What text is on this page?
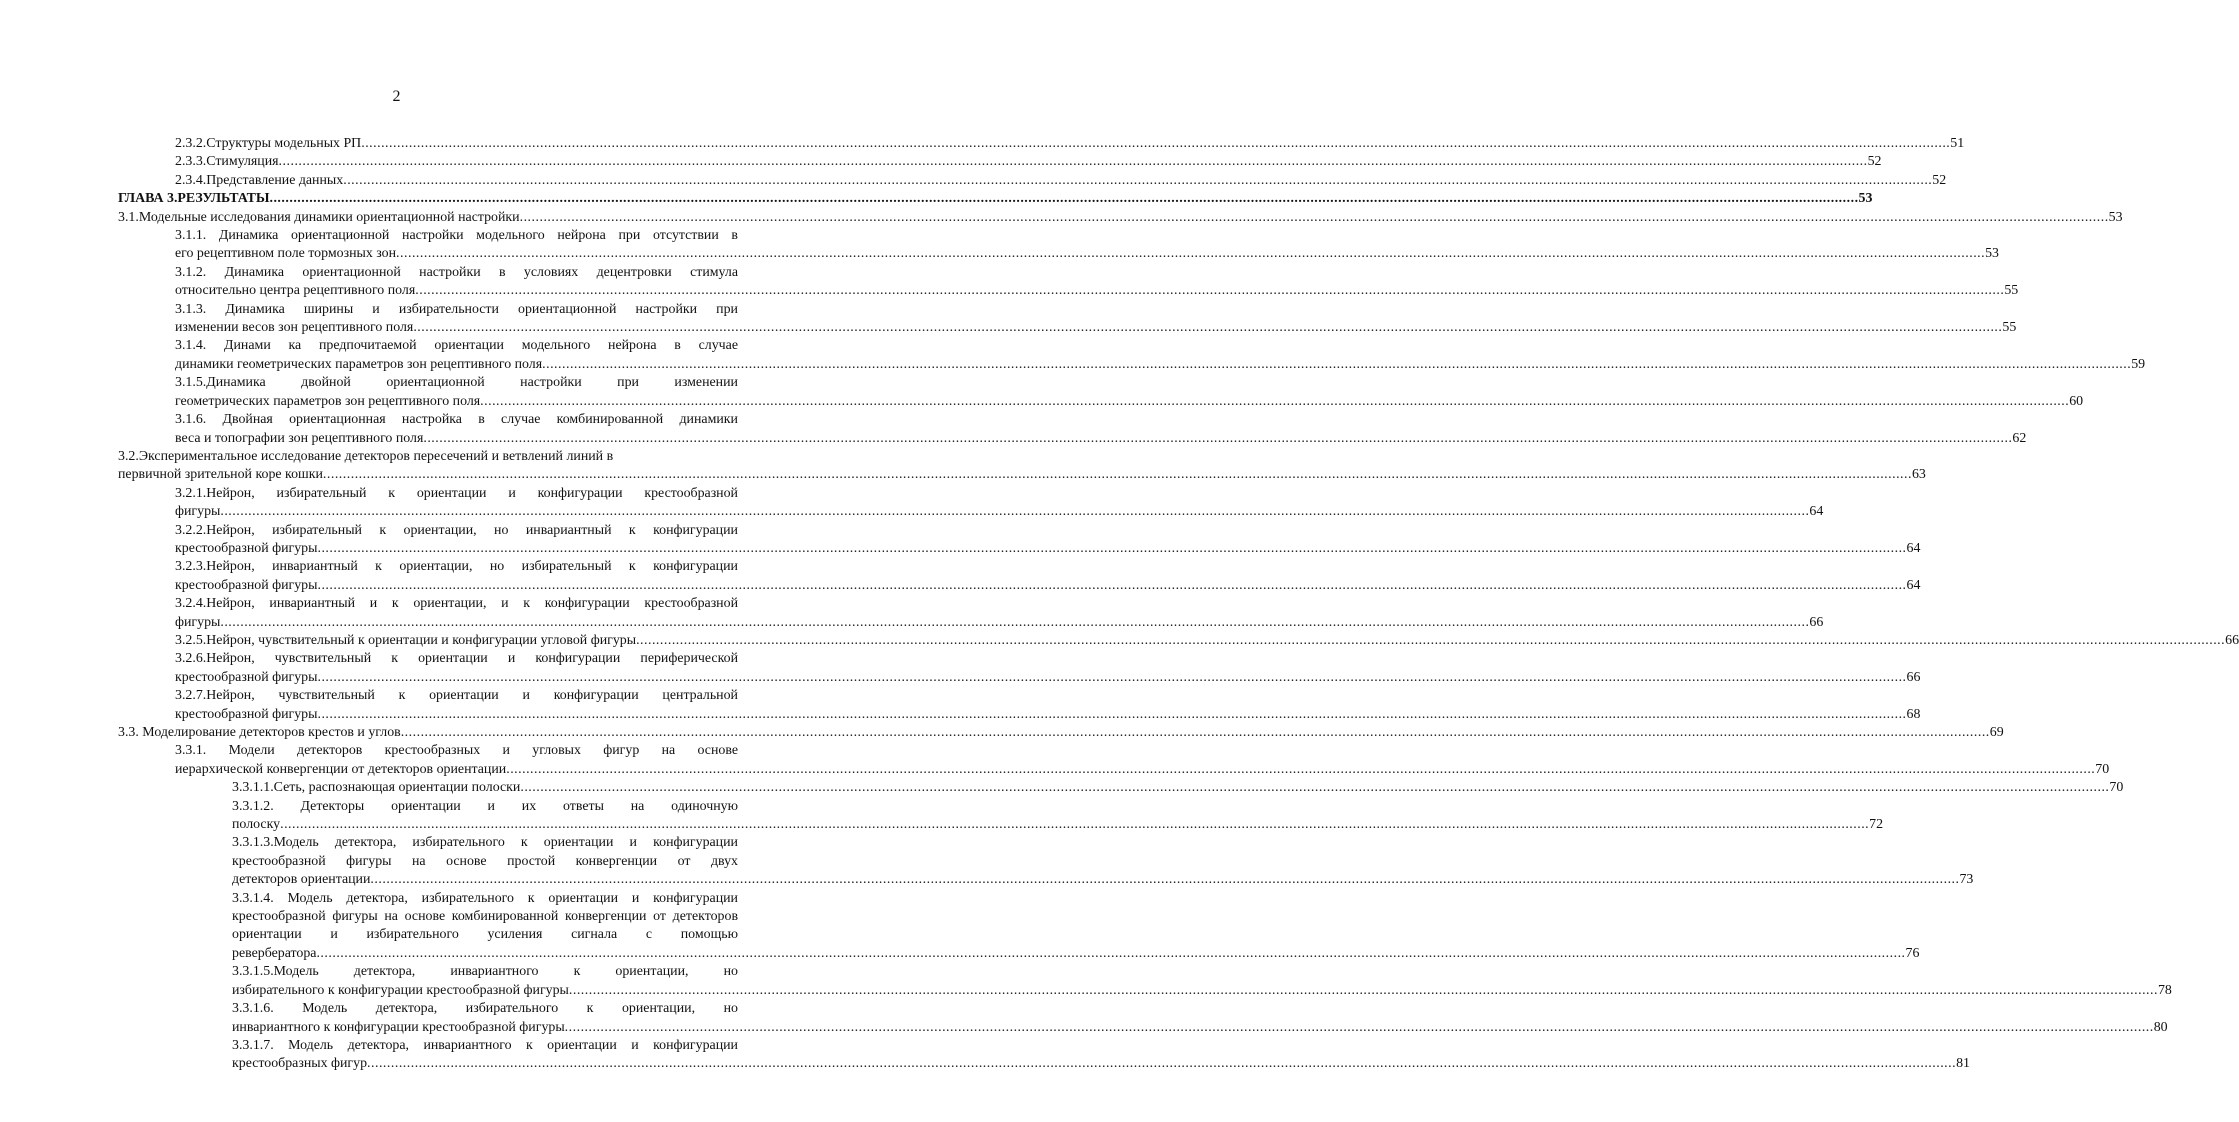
2
2.3.2.Структуры модельных РП ................................................................................................................................................................................................................................................................................................................................................................................................................ 51
2.3.3.Стимуляция ................................................................................................................................................................................................................................................................................................................................................................................................................ 52
2.3.4.Представление данных ................................................................................................................................................................................................................................................................................................................................................................................................................ 52
ГЛАВА 3.РЕЗУЛЬТАТЫ ................................................................................................................................................................................................................................................................................................................................................................................................................ 53
3.1.Модельные исследования динамики ориентационной настройки ................................................................................................................................................................................................................................................................................................................................................................................................................ 53
3.1.1. Динамика ориентационной настройки модельного нейрона при отсутствии в
его рецептивном поле тормозных зон ................................................................................................................................................................................................................................................................................................................................................................................................................ 53
3.1.2. Динамика ориентационной настройки в условиях децентровки стимула
относительно центра рецептивного поля ................................................................................................................................................................................................................................................................................................................................................................................................................ 55
3.1.3. Динамика ширины и избирательности ориентационной настройки при
изменении весов зон рецептивного поля ................................................................................................................................................................................................................................................................................................................................................................................................................ 55
3.1.4. Динами ка предпочитаемой ориентации модельного нейрона в случае
динамики геометрических параметров зон рецептивного поля ................................................................................................................................................................................................................................................................................................................................................................................................................ 59
3.1.5.Динамика двойной ориентационной настройки при изменении
геометрических параметров зон рецептивного поля ................................................................................................................................................................................................................................................................................................................................................................................................................ 60
3.1.6. Двойная ориентационная настройка в случае комбинированной динамики
веса и топографии зон рецептивного поля ................................................................................................................................................................................................................................................................................................................................................................................................................ 62
3.2.Экспериментальное исследование детекторов пересечений и ветвлений линий в
первичной зрительной коре кошки ................................................................................................................................................................................................................................................................................................................................................................................................................ 63
3.2.1.Нейрон, избирательный к ориентации и конфигурации крестообразной
фигуры ................................................................................................................................................................................................................................................................................................................................................................................................................ 64
3.2.2.Нейрон, избирательный к ориентации, но инвариантный к конфигурации
крестообразной фигуры ................................................................................................................................................................................................................................................................................................................................................................................................................ 64
3.2.3.Нейрон, инвариантный к ориентации, но избирательный к конфигурации
крестообразной фигуры ................................................................................................................................................................................................................................................................................................................................................................................................................ 64
3.2.4.Нейрон, инвариантный и к ориентации, и к конфигурации крестообразной
фигуры ................................................................................................................................................................................................................................................................................................................................................................................................................ 66
3.2.5.Нейрон, чувствительный к ориентации и конфигурации угловой фигуры ................................................................................................................................................................................................................................................................................................................................................................................................................ 66
3.2.6.Нейрон, чувствительный к ориентации и конфигурации периферической
крестообразной фигуры ................................................................................................................................................................................................................................................................................................................................................................................................................ 66
3.2.7.Нейрон, чувствительный к ориентации и конфигурации центральной
крестообразной фигуры ................................................................................................................................................................................................................................................................................................................................................................................................................ 68
3.3. Моделирование детекторов крестов и углов ................................................................................................................................................................................................................................................................................................................................................................................................................ 69
3.3.1. Модели детекторов крестообразных и угловых фигур на основе
иерархической конвергенции от детекторов ориентации ................................................................................................................................................................................................................................................................................................................................................................................................................ 70
3.3.1.1.Сеть, распознающая ориентации полоски ................................................................................................................................................................................................................................................................................................................................................................................................................ 70
3.3.1.2. Детекторы ориентации и их ответы на одиночную
полоску ................................................................................................................................................................................................................................................................................................................................................................................................................ 72
3.3.1.3.Модель детектора, избирательного к ориентации и конфигурации крестообразной фигуры на основе простой конвергенции от двух
детекторов ориентации ................................................................................................................................................................................................................................................................................................................................................................................................................ 73
3.3.1.4. Модель детектора, избирательного к ориентации и конфигурации крестообразной фигуры на основе комбинированной конвергенции от детекторов ориентации и избирательного усиления сигнала с помощью
ревербератора ................................................................................................................................................................................................................................................................................................................................................................................................................ 76
3.3.1.5.Модель детектора, инвариантного к ориентации, но
избирательного к конфигурации крестообразной фигуры ................................................................................................................................................................................................................................................................................................................................................................................................................ 78
3.3.1.6. Модель детектора, избирательного к ориентации, но
инвариантного к конфигурации крестообразной фигуры ................................................................................................................................................................................................................................................................................................................................................................................................................ 80
3.3.1.7. Модель детектора, инвариантного к ориентации и конфигурации
крестообразных фигур ................................................................................................................................................................................................................................................................................................................................................................................................................ 81
